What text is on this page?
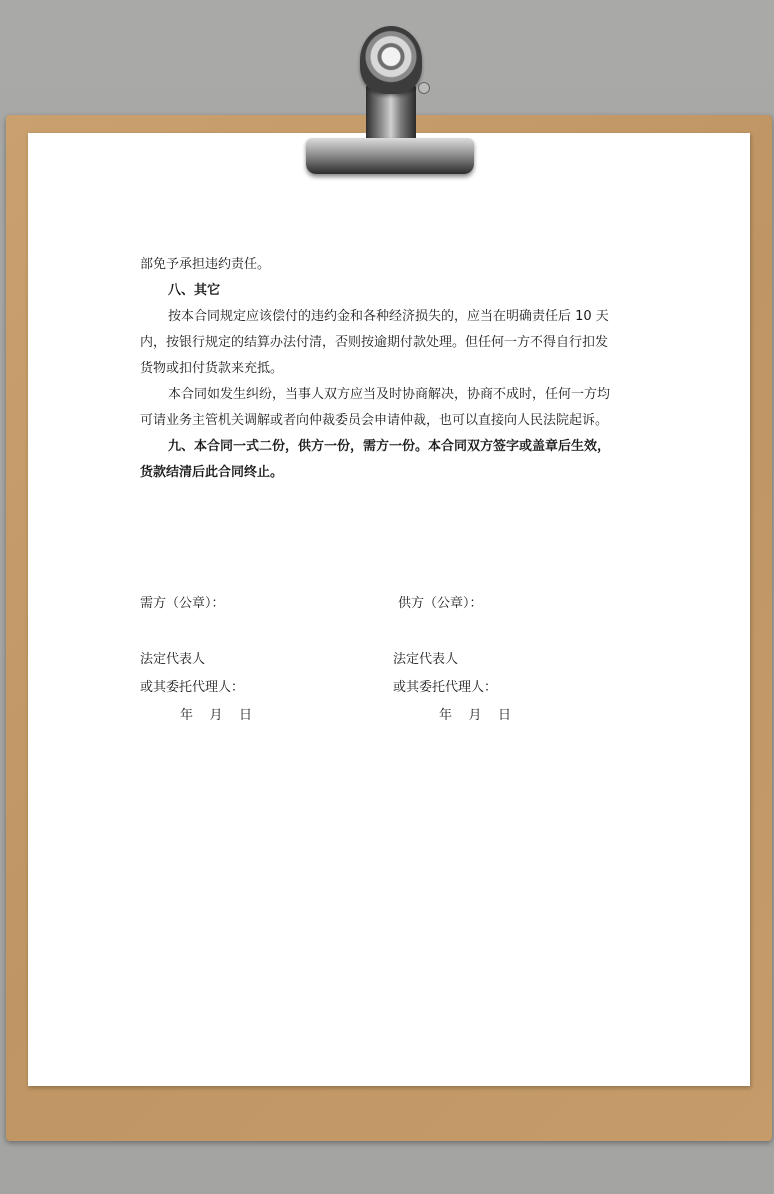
部免予承担违约责任。

八、其它

按本合同规定应该偿付的违约金和各种经济损失的，应当在明确责任后 10 天内，按银行规定的结算办法付清，否则按逾期付款处理。但任何一方不得自行扣发货物或扣付货款来充抵。

本合同如发生纠纷，当事人双方应当及时协商解决，协商不成时，任何一方均可请业务主管机关调解或者向仲裁委员会申请仲裁，也可以直接向人民法院起诉。

九、本合同一式二份，供方一份，需方一份。本合同双方签字或盖章后生效，货款结清后此合同终止。

需方（公章）：	供方（公章）：
法定代表人	法定代表人
或其委托代理人：	或其委托代理人：
年    月    日	年    月    日
